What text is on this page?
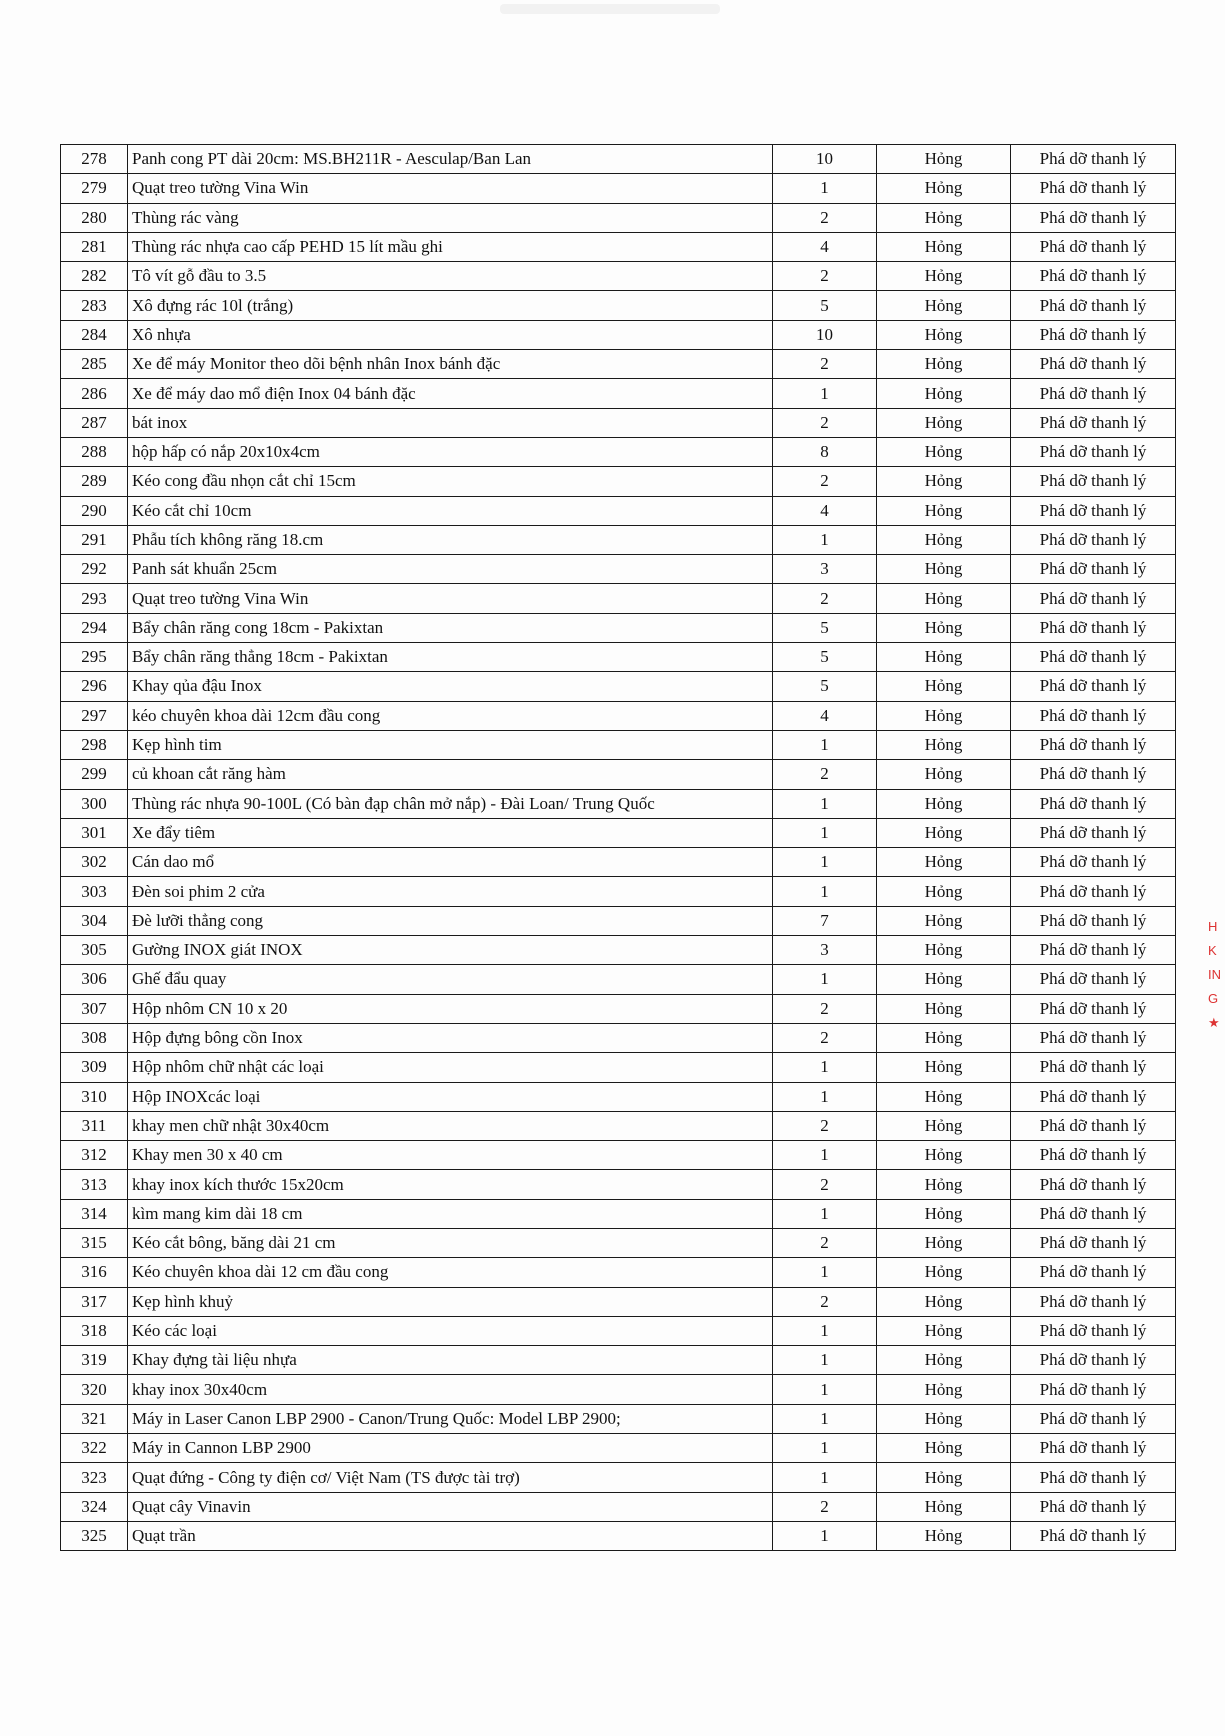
278	Panh cong PT dài 20cm: MS.BH211R - Aesculap/Ban Lan	10	Hỏng	Phá dỡ thanh lý
279	Quạt treo tường Vina Win	1	Hỏng	Phá dỡ thanh lý
280	Thùng rác vàng	2	Hỏng	Phá dỡ thanh lý
281	Thùng rác nhựa cao cấp PEHD 15 lít mầu ghi	4	Hỏng	Phá dỡ thanh lý
282	Tô vít gỗ đầu to 3.5	2	Hỏng	Phá dỡ thanh lý
283	Xô đựng rác 10l (trắng)	5	Hỏng	Phá dỡ thanh lý
284	Xô nhựa	10	Hỏng	Phá dỡ thanh lý
285	Xe để máy Monitor theo dõi bệnh nhân Inox bánh đặc	2	Hỏng	Phá dỡ thanh lý
286	Xe để máy dao mổ điện Inox 04 bánh đặc	1	Hỏng	Phá dỡ thanh lý
287	bát inox	2	Hỏng	Phá dỡ thanh lý
288	hộp hấp có nắp 20x10x4cm	8	Hỏng	Phá dỡ thanh lý
289	Kéo cong đầu nhọn cắt chỉ 15cm	2	Hỏng	Phá dỡ thanh lý
290	Kéo cắt chỉ 10cm	4	Hỏng	Phá dỡ thanh lý
291	Phẫu tích không răng 18.cm	1	Hỏng	Phá dỡ thanh lý
292	Panh sát khuẩn 25cm	3	Hỏng	Phá dỡ thanh lý
293	Quạt treo tường Vina Win	2	Hỏng	Phá dỡ thanh lý
294	Bẩy chân răng cong 18cm - Pakixtan	5	Hỏng	Phá dỡ thanh lý
295	Bẩy chân răng thẳng 18cm - Pakixtan	5	Hỏng	Phá dỡ thanh lý
296	Khay qủa đậu Inox	5	Hỏng	Phá dỡ thanh lý
297	kéo chuyên khoa dài 12cm đầu cong	4	Hỏng	Phá dỡ thanh lý
298	Kẹp hình tim	1	Hỏng	Phá dỡ thanh lý
299	củ khoan cắt răng hàm	2	Hỏng	Phá dỡ thanh lý
300	Thùng rác nhựa 90-100L (Có bàn đạp chân mở nắp) - Đài Loan/ Trung Quốc	1	Hỏng	Phá dỡ thanh lý
301	Xe đẩy tiêm	1	Hỏng	Phá dỡ thanh lý
302	Cán dao mổ	1	Hỏng	Phá dỡ thanh lý
303	Đèn soi phim 2 cửa	1	Hỏng	Phá dỡ thanh lý
304	Đè lưỡi thẳng cong	7	Hỏng	Phá dỡ thanh lý
305	Gường INOX giát INOX	3	Hỏng	Phá dỡ thanh lý
306	Ghế đẩu quay	1	Hỏng	Phá dỡ thanh lý
307	Hộp nhôm CN 10 x 20	2	Hỏng	Phá dỡ thanh lý
308	Hộp đựng bông cồn Inox	2	Hỏng	Phá dỡ thanh lý
309	Hộp nhôm chữ nhật các loại	1	Hỏng	Phá dỡ thanh lý
310	Hộp INOXcác loại	1	Hỏng	Phá dỡ thanh lý
311	khay men chữ nhật 30x40cm	2	Hỏng	Phá dỡ thanh lý
312	Khay men 30 x 40 cm	1	Hỏng	Phá dỡ thanh lý
313	khay inox kích thước 15x20cm	2	Hỏng	Phá dỡ thanh lý
314	kìm mang kim dài 18 cm	1	Hỏng	Phá dỡ thanh lý
315	Kéo cắt bông, băng dài 21 cm	2	Hỏng	Phá dỡ thanh lý
316	Kéo chuyên khoa dài 12 cm đầu cong	1	Hỏng	Phá dỡ thanh lý
317	Kẹp hình khuỷ	2	Hỏng	Phá dỡ thanh lý
318	Kéo các loại	1	Hỏng	Phá dỡ thanh lý
319	Khay đựng tài liệu nhựa	1	Hỏng	Phá dỡ thanh lý
320	khay inox 30x40cm	1	Hỏng	Phá dỡ thanh lý
321	Máy in Laser Canon LBP 2900 - Canon/Trung Quốc: Model LBP 2900;	1	Hỏng	Phá dỡ thanh lý
322	Máy in Cannon LBP 2900	1	Hỏng	Phá dỡ thanh lý
323	Quạt đứng - Công ty điện cơ/ Việt Nam (TS được tài trợ)	1	Hỏng	Phá dỡ thanh lý
324	Quạt cây Vinavin	2	Hỏng	Phá dỡ thanh lý
325	Quạt trần	1	Hỏng	Phá dỡ thanh lý
H
K
IN
G
★
